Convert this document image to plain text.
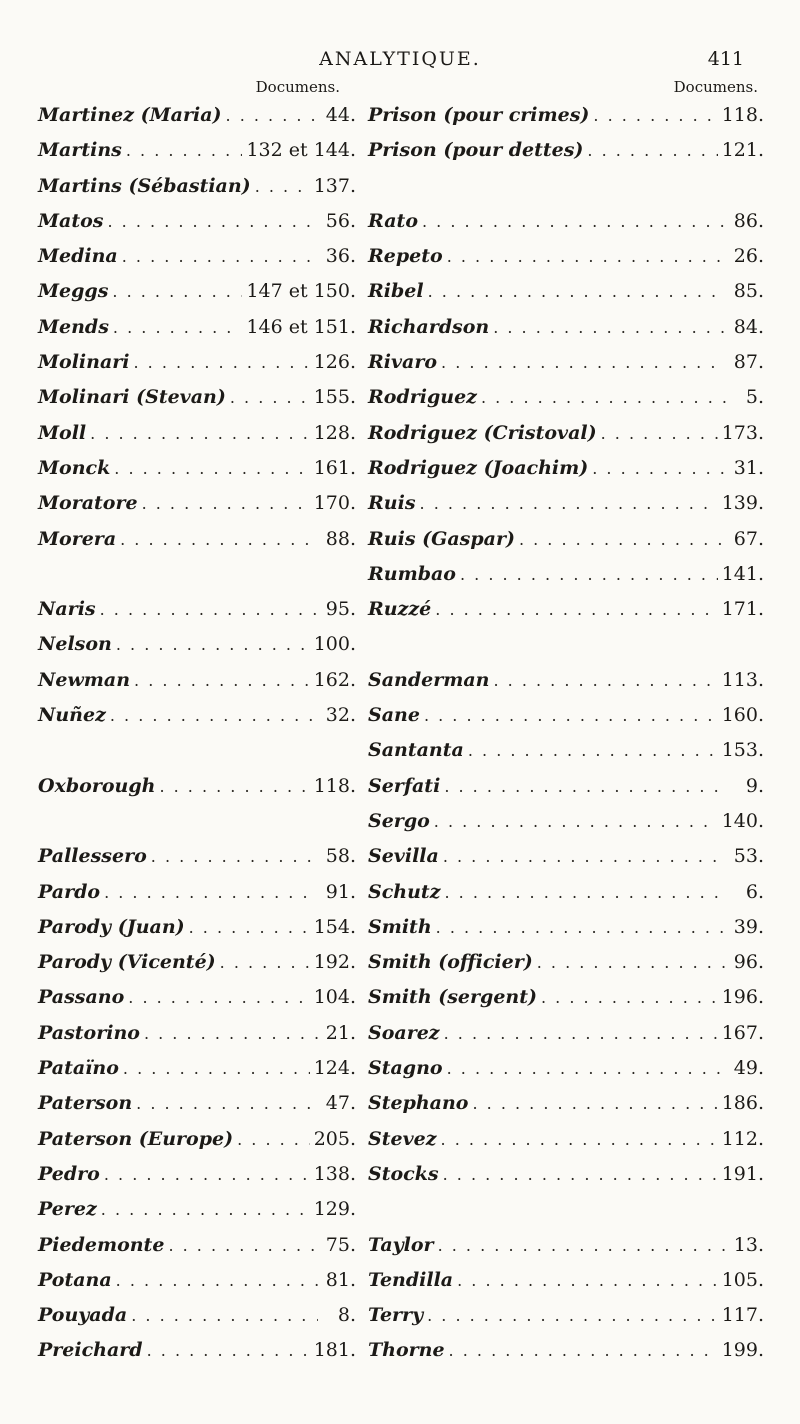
ANALYTIQUE.	411
Documens.
Martinez (Maria) . . .	44.
Martins . . .	132 et 144.
Martins (Sébastian) . . .	137.
Matos . . .	56.
Medina . . .	36.
Meggs . . .	147 et 150.
Mends . . .	146 et 151.
Molinari . . .	126.
Molinari (Stevan) . . .	155.
Moll . . .	128.
Monck . . .	161.
Moratore . . .	170.
Morera . . .	88.
Naris . . .	95.
Nelson . . .	100.
Newman . . .	162.
Nuñez . . .	32.
Oxborough . . .	118.
Pallessero . . .	58.
Pardo . . .	91.
Parody (Juan) . . .	154.
Parody (Vicenté) . . .	192.
Passano . . .	104.
Pastorino . . .	21.
Pataïno . . .	124.
Paterson . . .	47.
Paterson (Europe) . . .	205.
Pedro . . .	138.
Perez . . .	129.
Piedemonte . . .	75.
Potana . . .	81.
Pouyada . . .	8.
Preichard . . .	181.
Documens.
Prison (pour crimes) . . .	118.
Prison (pour dettes) . . .	121.
Rato . . .	86.
Repeto . . .	26.
Ribel . . .	85.
Richardson . . .	84.
Rivaro . . .	87.
Rodriguez . . .	5.
Rodriguez (Cristoval) . . .	173.
Rodriguez (Joachim) . . .	31.
Ruis . . .	139.
Ruis (Gaspar) . . .	67.
Rumbao . . .	141.
Ruzzé . . .	171.
Sanderman . . .	113.
Sane . . .	160.
Santanta . . .	153.
Serfati . . .	9.
Sergo . . .	140.
Sevilla . . .	53.
Schutz . . .	6.
Smith . . .	39.
Smith (officier) . . .	96.
Smith (sergent) . . .	196.
Soarez . . .	167.
Stagno . . .	49.
Stephano . . .	186.
Stevez . . .	112.
Stocks . . .	191.
Taylor . . .	13.
Tendilla . . .	105.
Terry . . .	117.
Thorne . . .	199.
